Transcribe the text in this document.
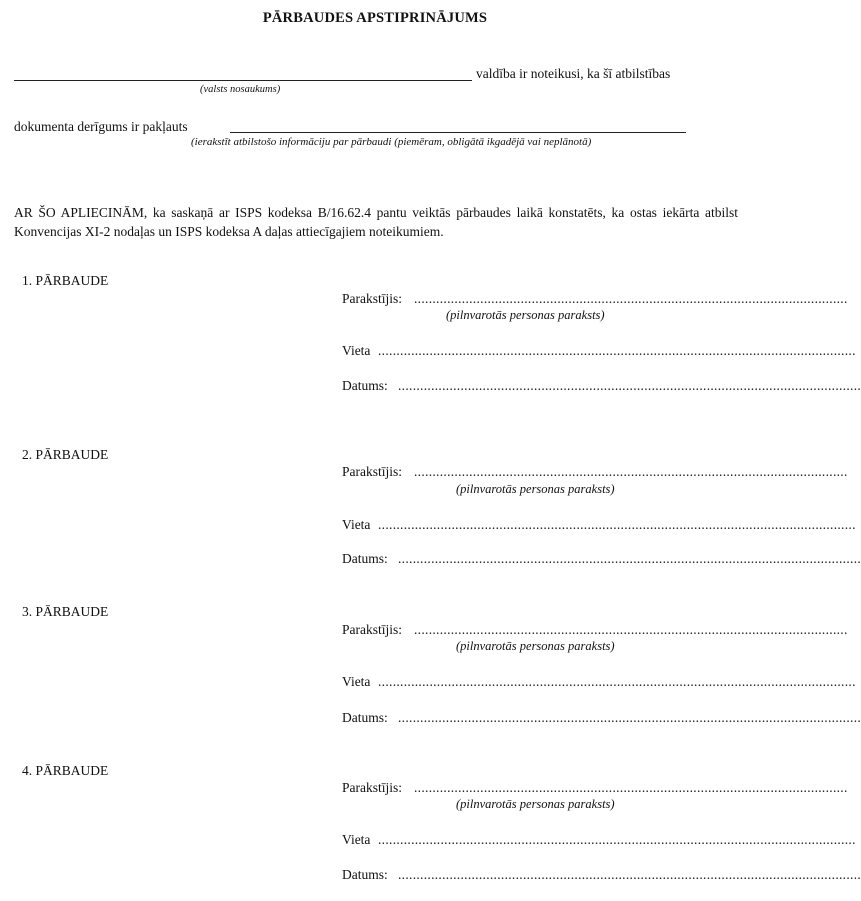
PĀRBAUDES APSTIPRINĀJUMS
valdība ir noteikusi, ka šī atbilstības
(valsts nosaukums)
dokumenta derīgums ir pakļauts
(ierakstīt atbilstošo informāciju par pārbaudi (piemēram, obligātā ikgadējā vai neplānotā)
AR ŠO APLIECINĀM, ka saskaņā ar ISPS kodeksa B/16.62.4 pantu veiktās pārbaudes laikā konstatēts, ka ostas iekārta atbilst Konvencijas XI-2 nodaļas un ISPS kodeksa A daļas attiecīgajiem noteikumiem.
1. PĀRBAUDE
Parakstījis: ......................................................................................................................
(pilnvarotās personas paraksts)
Vieta ..................................................................................................................................
Datums: ..............................................................................................................................
2. PĀRBAUDE
Parakstījis: ......................................................................................................................
(pilnvarotās personas paraksts)
Vieta ..................................................................................................................................
Datums: ..............................................................................................................................
3. PĀRBAUDE
Parakstījis: ......................................................................................................................
(pilnvarotās personas paraksts)
Vieta ..................................................................................................................................
Datums: ..............................................................................................................................
4. PĀRBAUDE
Parakstījis: ......................................................................................................................
(pilnvarotās personas paraksts)
Vieta ..................................................................................................................................
Datums: ..............................................................................................................................
